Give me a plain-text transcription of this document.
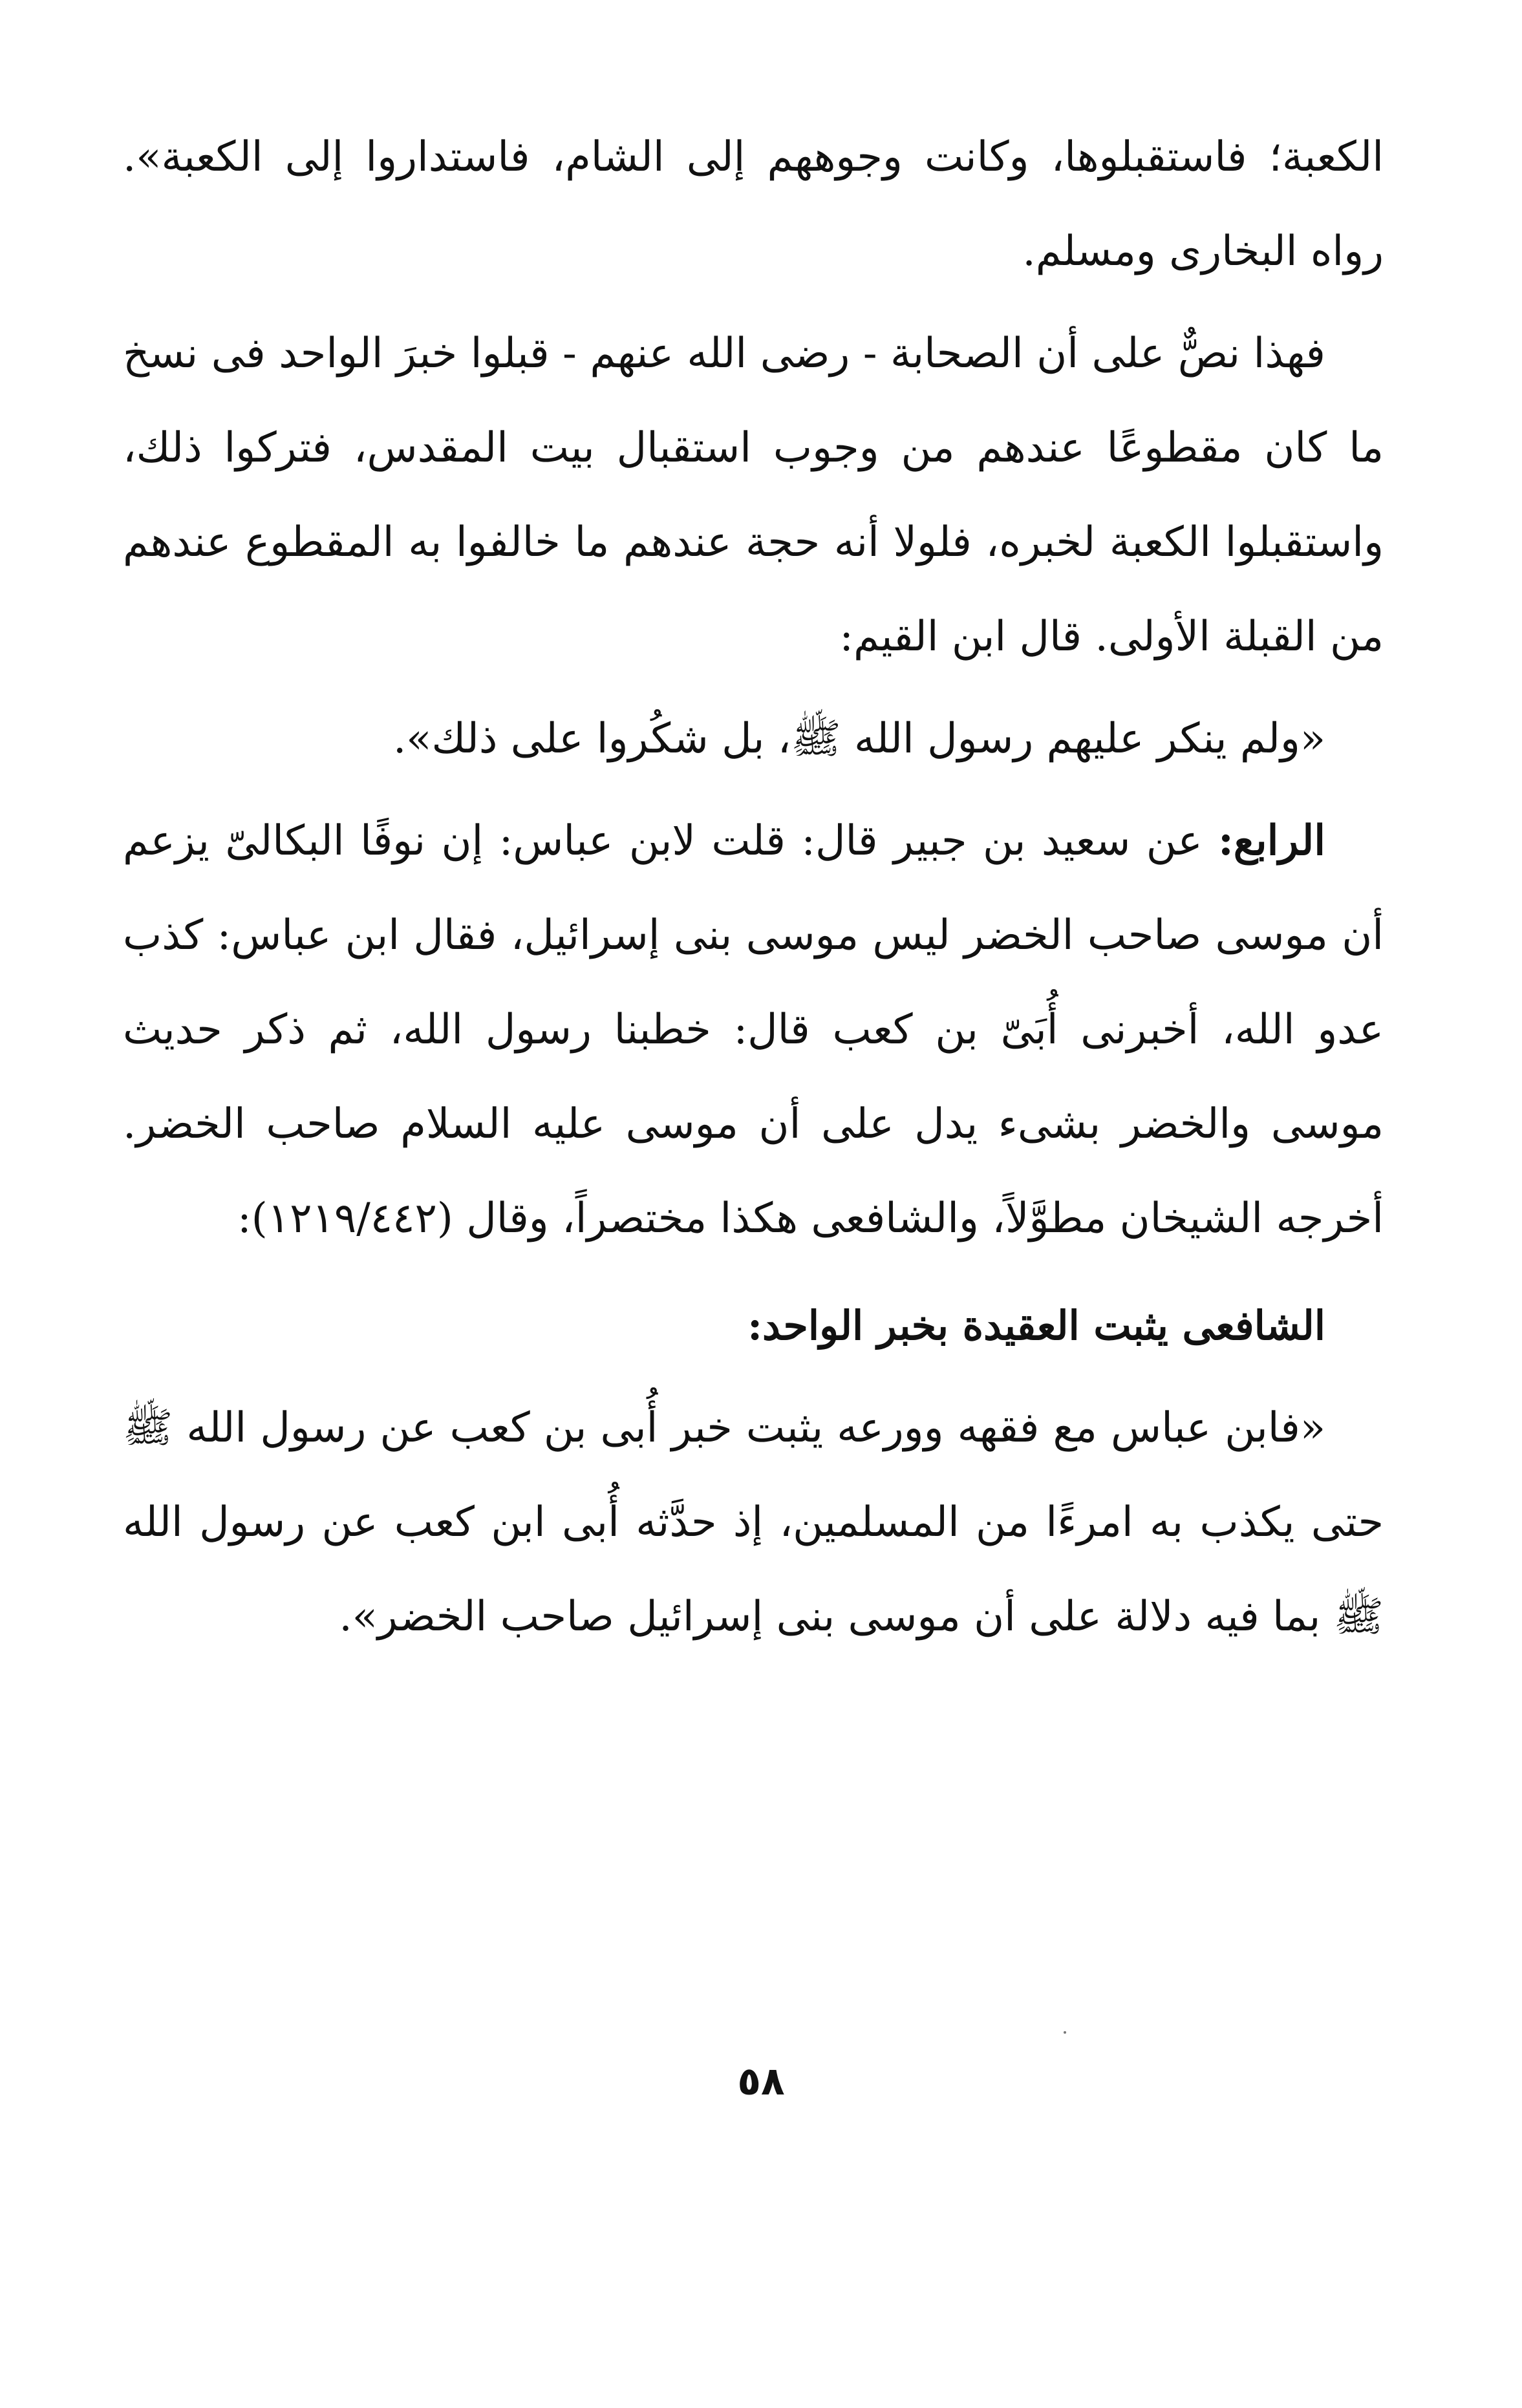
الكعبة؛ فاستقبلوها، وكانت وجوههم إلى الشام، فاستداروا إلى الكعبة». رواه البخارى ومسلم.

فهذا نصٌّ على أن الصحابة - رضى الله عنهم - قبلوا خبرَ الواحد فى نسخ ما كان مقطوعًا عندهم من وجوب استقبال بيت المقدس، فتركوا ذلك، واستقبلوا الكعبة لخبره، فلولا أنه حجة عندهم ما خالفوا به المقطوع عندهم من القبلة الأولى. قال ابن القيم:

«ولم ينكر عليهم رسول الله ﷺ، بل شكُروا على ذلك».

الرابع: عن سعيد بن جبير قال: قلت لابن عباس: إن نوفًا البكالىّ يزعم أن موسى صاحب الخضر ليس موسى بنى إسرائيل، فقال ابن عباس: كذب عدو الله، أخبرنى أُبَىّ بن كعب قال: خطبنا رسول الله، ثم ذكر حديث موسى والخضر بشىء يدل على أن موسى عليه السلام صاحب الخضر. أخرجه الشيخان مطوَّلاً، والشافعى هكذا مختصراً، وقال (١٢١٩/٤٤٢):

الشافعى يثبت العقيدة بخبر الواحد:

«فابن عباس مع فقهه وورعه يثبت خبر أُبى بن كعب عن رسول الله ﷺ حتى يكذب به امرءًا من المسلمين، إذ حدَّثه أُبى ابن كعب عن رسول الله ﷺ بما فيه دلالة على أن موسى بنى إسرائيل صاحب الخضر».

٥٨
